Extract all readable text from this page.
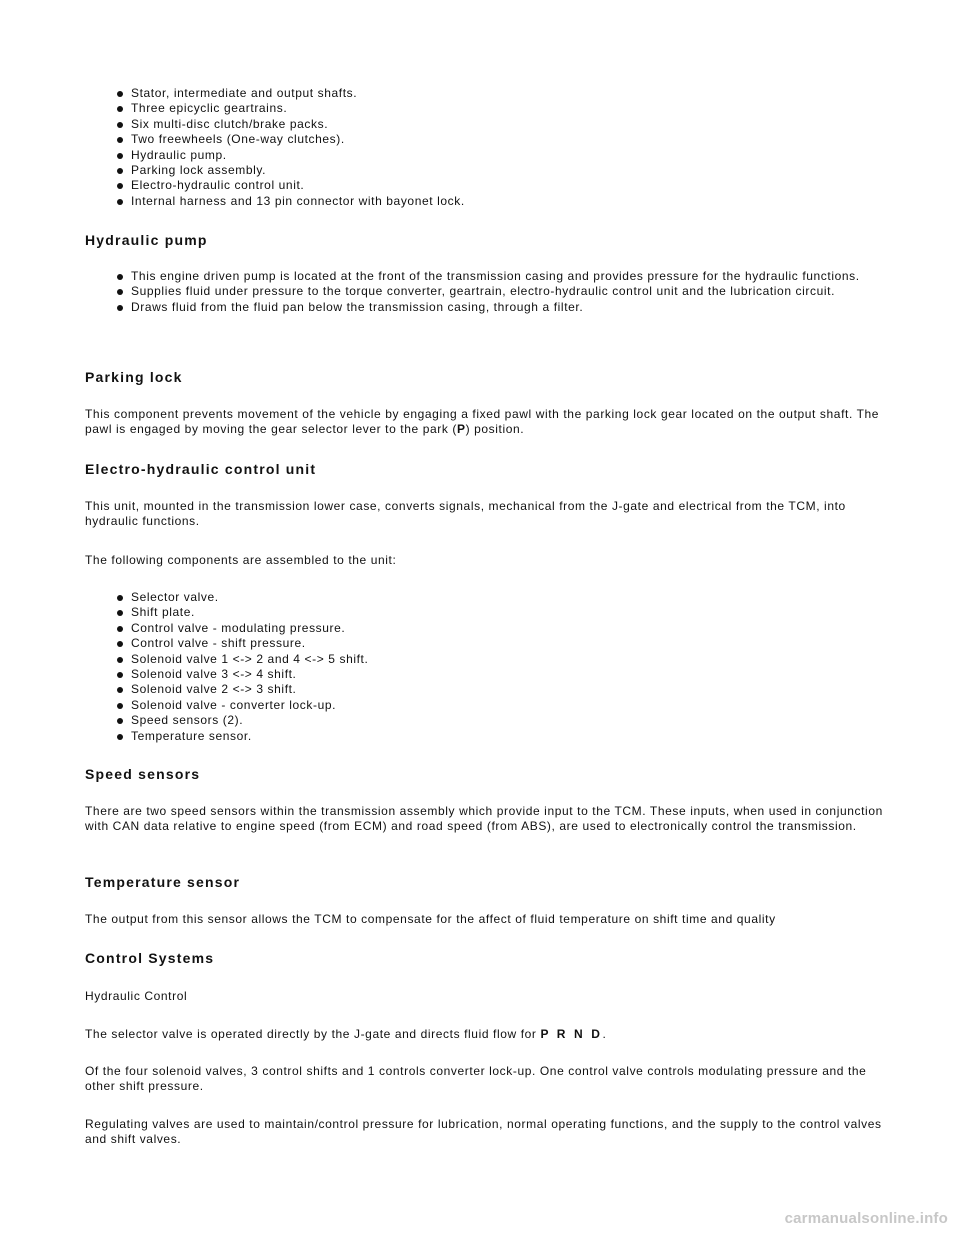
Stator, intermediate and output shafts.
Three epicyclic geartrains.
Six multi-disc clutch/brake packs.
Two freewheels (One-way clutches).
Hydraulic pump.
Parking lock assembly.
Electro-hydraulic control unit.
Internal harness and 13 pin connector with bayonet lock.
Hydraulic pump
This engine driven pump is located at the front of the transmission casing and provides pressure for the hydraulic functions.
Supplies fluid under pressure to the torque converter, geartrain, electro-hydraulic control unit and the lubrication circuit.
Draws fluid from the fluid pan below the transmission casing, through a filter.
Parking lock

This component prevents movement of the vehicle by engaging a fixed pawl with the parking lock gear located on the output shaft. The pawl is engaged by moving the gear selector lever to the park (P) position.

Electro-hydraulic control unit

This unit, mounted in the transmission lower case, converts signals, mechanical from the J-gate and electrical from the TCM, into hydraulic functions.

The following components are assembled to the unit:

Selector valve.
Shift plate.
Control valve - modulating pressure.
Control valve - shift pressure.
Solenoid valve 1 <-> 2 and 4 <-> 5 shift.
Solenoid valve 3 <-> 4 shift.
Solenoid valve 2 <-> 3 shift.
Solenoid valve - converter lock-up.
Speed sensors (2).
Temperature sensor.
Speed sensors

There are two speed sensors within the transmission assembly which provide input to the TCM. These inputs, when used in conjunction with CAN data relative to engine speed (from ECM) and road speed (from ABS), are used to electronically control the transmission.

Temperature sensor

The output from this sensor allows the TCM to compensate for the affect of fluid temperature on shift time and quality

Control Systems

Hydraulic Control

The selector valve is operated directly by the J-gate and directs fluid flow for P R N D.

Of the four solenoid valves, 3 control shifts and 1 controls converter lock-up. One control valve controls modulating pressure and the other shift pressure.

Regulating valves are used to maintain/control pressure for lubrication, normal operating functions, and the supply to the control valves and shift valves.

carmanualsonline.info
